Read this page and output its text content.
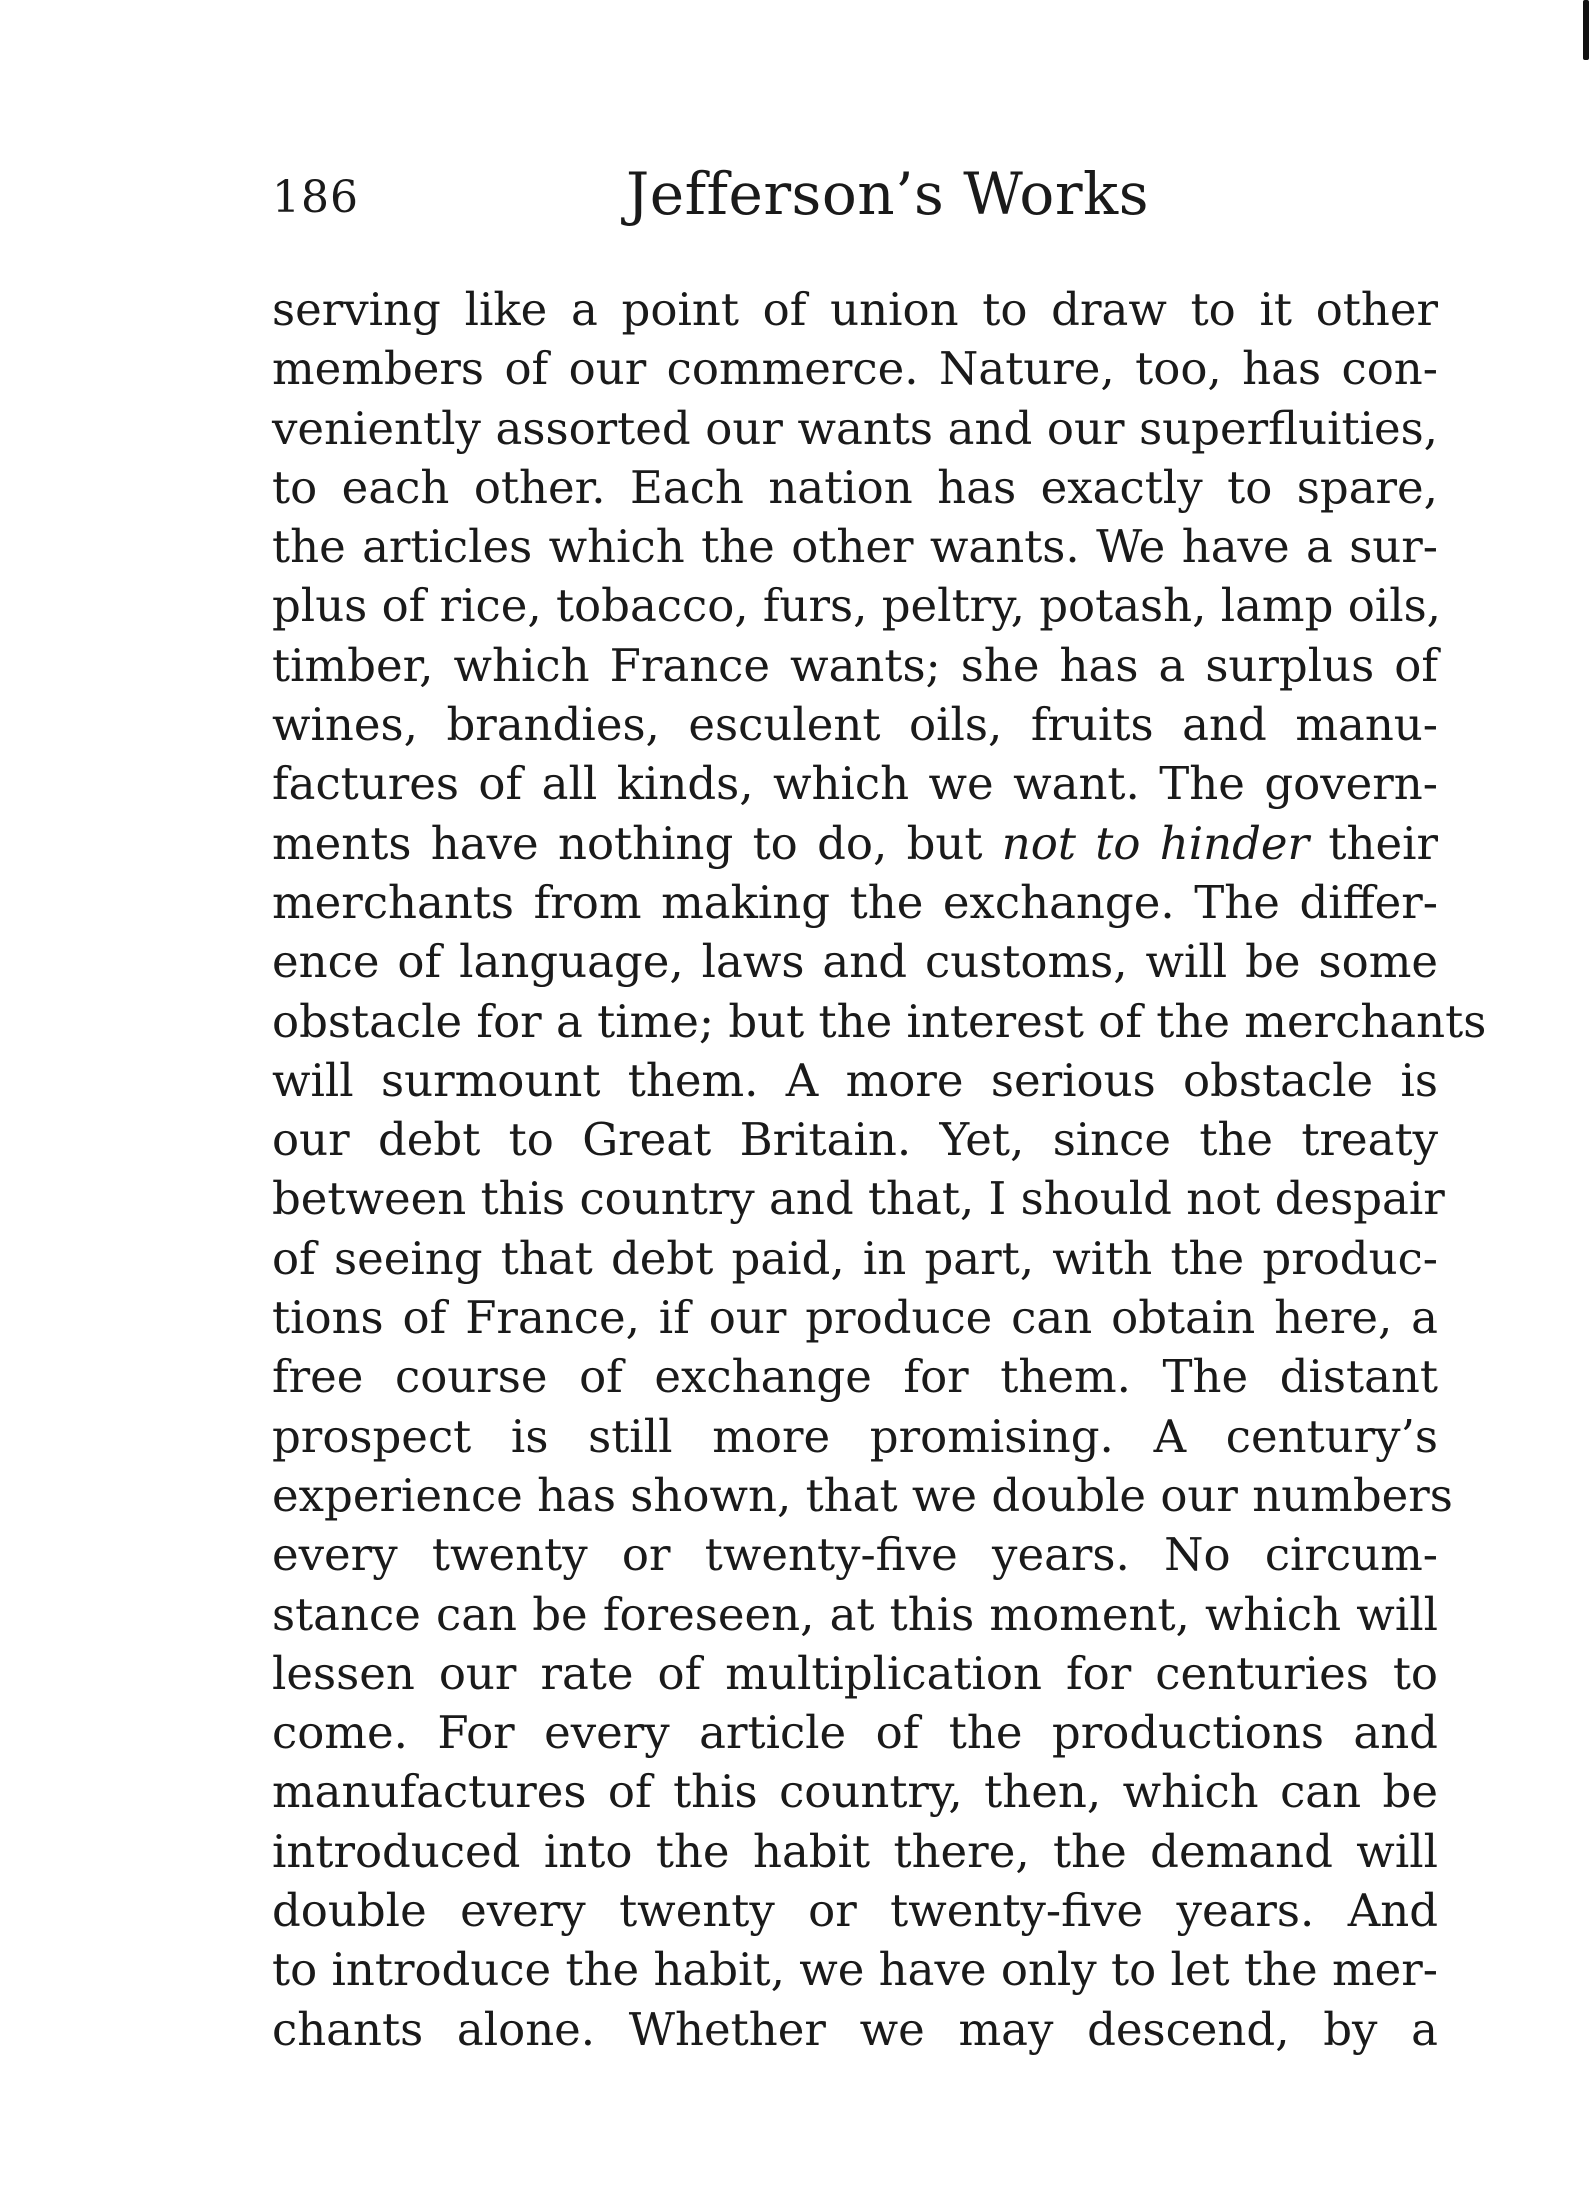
186	Jefferson’s Works
serving like a point of union to draw to it other
members of our commerce. Nature, too, has con-
veniently assorted our wants and our superfluities,
to each other. Each nation has exactly to spare,
the articles which the other wants. We have a sur-
plus of rice, tobacco, furs, peltry, potash, lamp oils,
timber, which France wants; she has a surplus of
wines, brandies, esculent oils, fruits and manu-
factures of all kinds, which we want. The govern-
ments have nothing to do, but not to hinder their
merchants from making the exchange. The differ-
ence of language, laws and customs, will be some
obstacle for a time; but the interest of the merchants
will surmount them. A more serious obstacle is
our debt to Great Britain. Yet, since the treaty
between this country and that, I should not despair
of seeing that debt paid, in part, with the produc-
tions of France, if our produce can obtain here, a
free course of exchange for them. The distant
prospect is still more promising. A century’s
experience has shown, that we double our numbers
every twenty or twenty-five years. No circum-
stance can be foreseen, at this moment, which will
lessen our rate of multiplication for centuries to
come. For every article of the productions and
manufactures of this country, then, which can be
introduced into the habit there, the demand will
double every twenty or twenty-five years. And
to introduce the habit, we have only to let the mer-
chants alone. Whether we may descend, by a
